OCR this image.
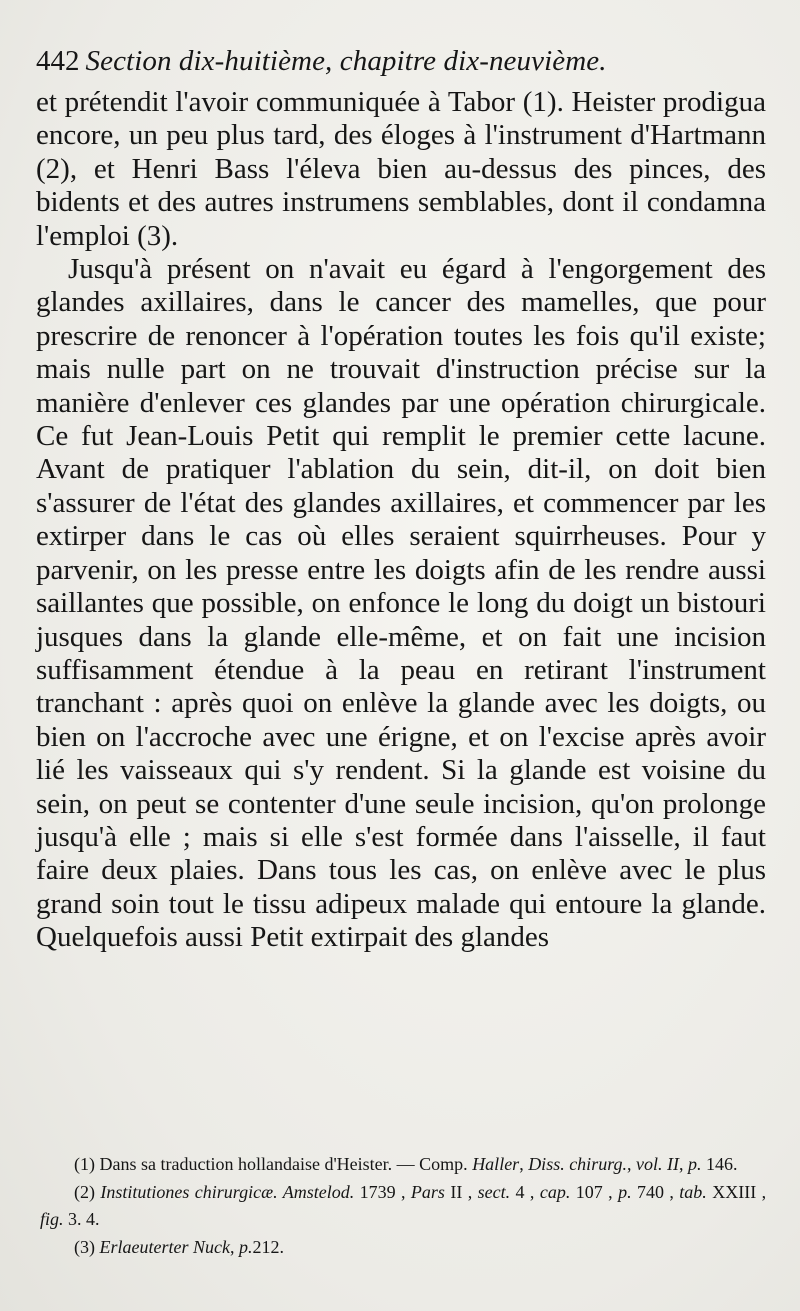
442 Section dix-huitième, chapitre dix-neuvième.

et prétendit l'avoir communiquée à Tabor (1). Heister prodigua encore, un peu plus tard, des éloges à l'instrument d'Hartmann (2), et Henri Bass l'éleva bien au-dessus des pinces, des bidents et des autres instrumens semblables, dont il condamna l'emploi (3).

Jusqu'à présent on n'avait eu égard à l'engorgement des glandes axillaires, dans le cancer des mamelles, que pour prescrire de renoncer à l'opération toutes les fois qu'il existe; mais nulle part on ne trouvait d'instruction précise sur la manière d'enlever ces glandes par une opération chirurgicale. Ce fut Jean-Louis Petit qui remplit le premier cette lacune. Avant de pratiquer l'ablation du sein, dit-il, on doit bien s'assurer de l'état des glandes axillaires, et commencer par les extirper dans le cas où elles seraient squirrheuses. Pour y parvenir, on les presse entre les doigts afin de les rendre aussi saillantes que possible, on enfonce le long du doigt un bistouri jusques dans la glande elle-même, et on fait une incision suffisamment étendue à la peau en retirant l'instrument tranchant : après quoi on enlève la glande avec les doigts, ou bien on l'accroche avec une érigne, et on l'excise après avoir lié les vaisseaux qui s'y rendent. Si la glande est voisine du sein, on peut se contenter d'une seule incision, qu'on prolonge jusqu'à elle ; mais si elle s'est formée dans l'aisselle, il faut faire deux plaies. Dans tous les cas, on enlève avec le plus grand soin tout le tissu adipeux malade qui entoure la glande. Quelquefois aussi Petit extirpait des glandes

(1) Dans sa traduction hollandaise d'Heister. — Comp. Haller, Diss. chirurg., vol. II, p. 146.

(2) Institutiones chirurgicæ. Amstelod. 1739 , Pars II , sect. 4 , cap. 107 , p. 740 , tab. XXIII , fig. 3. 4.

(3) Erlaeuterter Nuck, p.212.
